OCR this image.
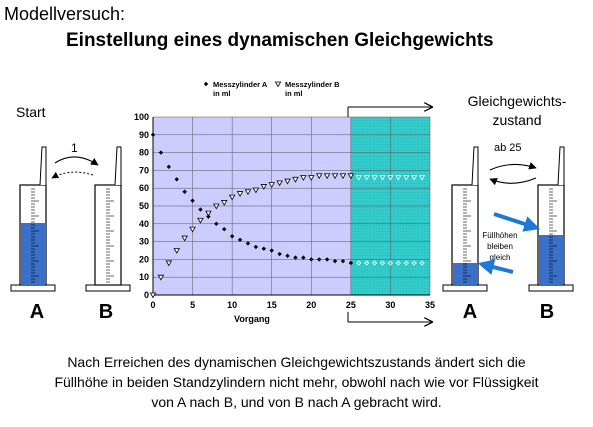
Modellversuch:
Einstellung eines dynamischen Gleichgewichts
Start
Gleichgewichts-
zustand
0
10
20
30
40
50
60
70
80
90
100
0	5	10	15	20	25	30	35
Vorgang
Messzylinder A
in ml
Messzylinder B
in ml
1	ab 25
Füllhöhen
bleiben
gleich
A	B	A	B
Nach Erreichen des dynamischen Gleichgewichtszustands ändert sich die
Füllhöhe in beiden Standzylindern nicht mehr, obwohl nach wie vor Flüssigkeit
von A nach B, und von B nach A gebracht wird.
